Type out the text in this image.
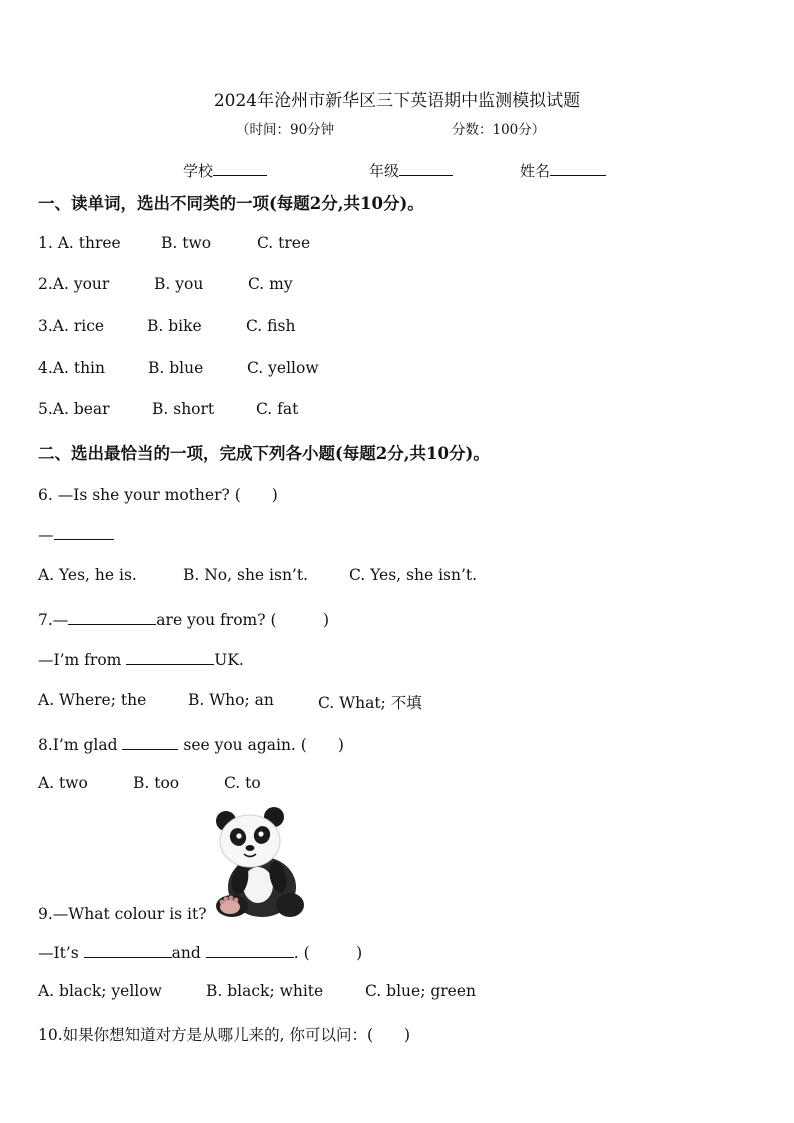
2024年沧州市新华区三下英语期中监测模拟试题
（时间：90分钟	分数：100分）
学校	年级	姓名
一、读单词，选出不同类的一项(每题2分,共10分)。
1. A. three	B. two	C. tree
2.A. your	B. you	C. my
3.A. rice	B. bike	C. fish
4.A. thin	B. blue	C. yellow
5.A. bear	B. short	C. fat
二、选出最恰当的一项，完成下列各小题(每题2分,共10分)。
6. —Is she your mother? (　　)
—
A. Yes, he is.	B. No, she isn’t.	C. Yes, she isn’t.
7.—	are you from? (　　　)
—I’m from	UK.
A. Where; the	B. Who; an	C. What; 不填
8.I’m glad	see you again. (　　)
A. two	B. too	C. to
9.—What colour is it?
—It’s	and	. (　　　)
A. black; yellow	B. black; white	C. blue; green
10.如果你想知道对方是从哪儿来的, 你可以问：(　　)
